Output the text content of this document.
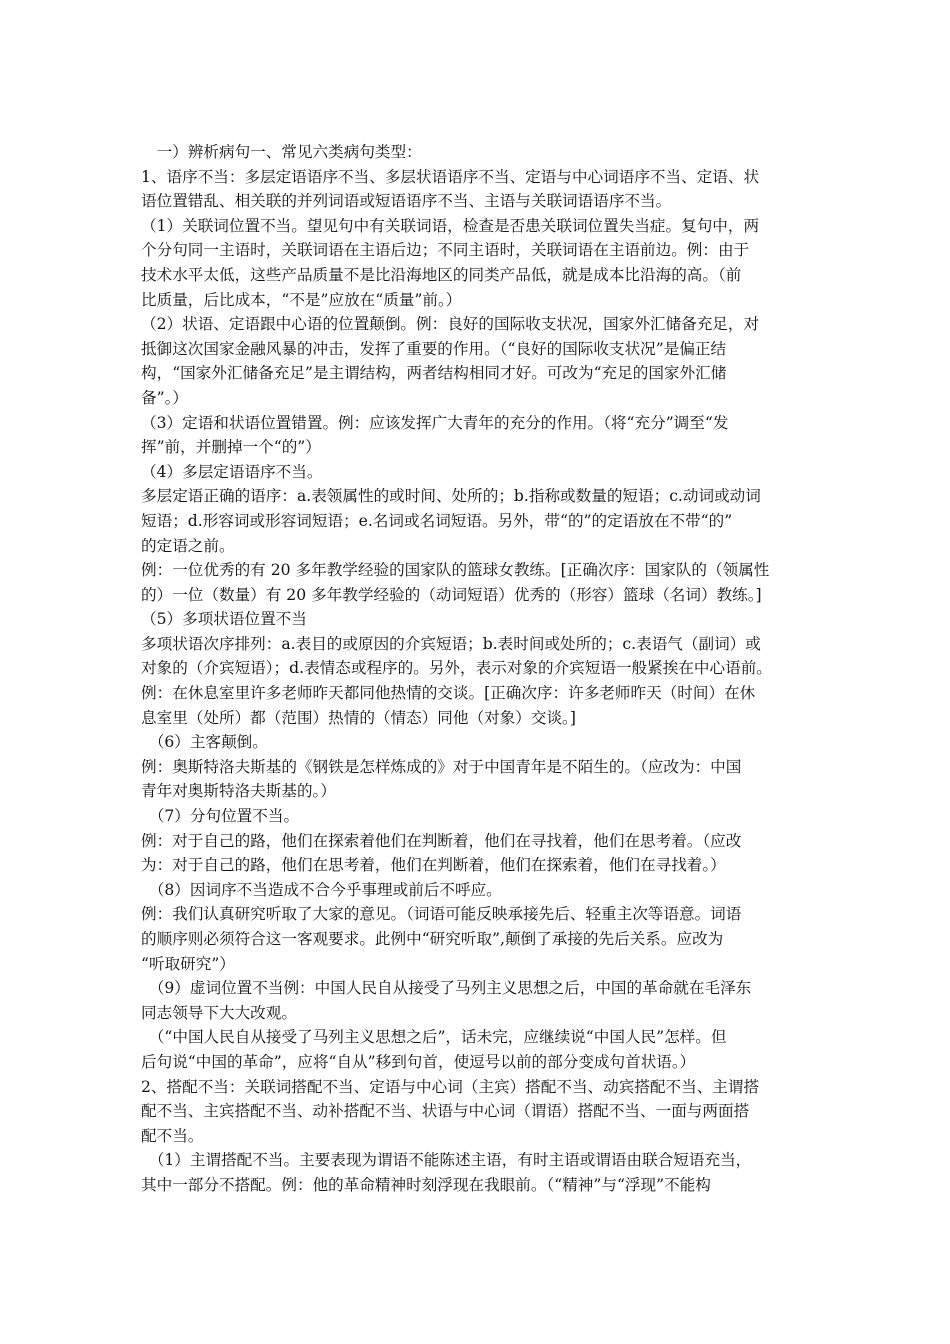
　一）辨析病句一、常见六类病句类型：
1、语序不当：多层定语语序不当、多层状语语序不当、定语与中心词语序不当、定语、状
语位置错乱、相关联的并列词语或短语语序不当、主语与关联词语语序不当。
（1）关联词位置不当。望见句中有关联词语，检查是否患关联词位置失当症。复句中，两
个分句同一主语时，关联词语在主语后边；不同主语时，关联词语在主语前边。例：由于
技术水平太低，这些产品质量不是比沿海地区的同类产品低，就是成本比沿海的高。（前
比质量，后比成本，“不是”应放在“质量”前。）
（2）状语、定语跟中心语的位置颠倒。例：良好的国际收支状况，国家外汇储备充足，对
抵御这次国家金融风暴的冲击，发挥了重要的作用。（“良好的国际收支状况”是偏正结
构，“国家外汇储备充足”是主谓结构，两者结构相同才好。可改为“充足的国家外汇储
备”。）
（3）定语和状语位置错置。例：应该发挥广大青年的充分的作用。（将“充分”调至“发
挥”前，并删掉一个“的”）
（4）多层定语语序不当。
多层定语正确的语序：a.表领属性的或时间、处所的；b.指称或数量的短语；c.动词或动词
短语；d.形容词或形容词短语；e.名词或名词短语。另外，带“的”的定语放在不带“的”
的定语之前。
例：一位优秀的有 20 多年教学经验的国家队的篮球女教练。[正确次序：国家队的（领属性
的）一位（数量）有 20 多年教学经验的（动词短语）优秀的（形容）篮球（名词）教练。]
（5）多项状语位置不当
多项状语次序排列：a.表目的或原因的介宾短语；b.表时间或处所的；c.表语气（副词）或
对象的（介宾短语）；d.表情态或程序的。另外，表示对象的介宾短语一般紧挨在中心语前。
例：在休息室里许多老师昨天都同他热情的交谈。[正确次序：许多老师昨天（时间）在休
息室里（处所）都（范围）热情的（情态）同他（对象）交谈。]
　（6）主客颠倒。
例：奥斯特洛夫斯基的《钢铁是怎样炼成的》对于中国青年是不陌生的。（应改为：中国
青年对奥斯特洛夫斯基的。）
　（7）分句位置不当。
例：对于自己的路，他们在探索着他们在判断着，他们在寻找着，他们在思考着。（应改
为：对于自己的路，他们在思考着，他们在判断着，他们在探索着，他们在寻找着。）
　（8）因词序不当造成不合今乎事理或前后不呼应。
例：我们认真研究听取了大家的意见。（词语可能反映承接先后、轻重主次等语意。词语
的顺序则必须符合这一客观要求。此例中“研究听取”,颠倒了承接的先后关系。应改为
“听取研究”）
　（9）虚词位置不当例：中国人民自从接受了马列主义思想之后，中国的革命就在毛泽东
同志领导下大大改观。
　（“中国人民自从接受了马列主义思想之后”，话未完，应继续说“中国人民”怎样。但
后句说“中国的革命”，应将“自从”移到句首，使逗号以前的部分变成句首状语。）
2、搭配不当：关联词搭配不当、定语与中心词（主宾）搭配不当、动宾搭配不当、主谓搭
配不当、主宾搭配不当、动补搭配不当、状语与中心词（谓语）搭配不当、一面与两面搭
配不当。
　（1）主谓搭配不当。主要表现为谓语不能陈述主语，有时主语或谓语由联合短语充当，
其中一部分不搭配。例：他的革命精神时刻浮现在我眼前。（“精神”与“浮现”不能构
